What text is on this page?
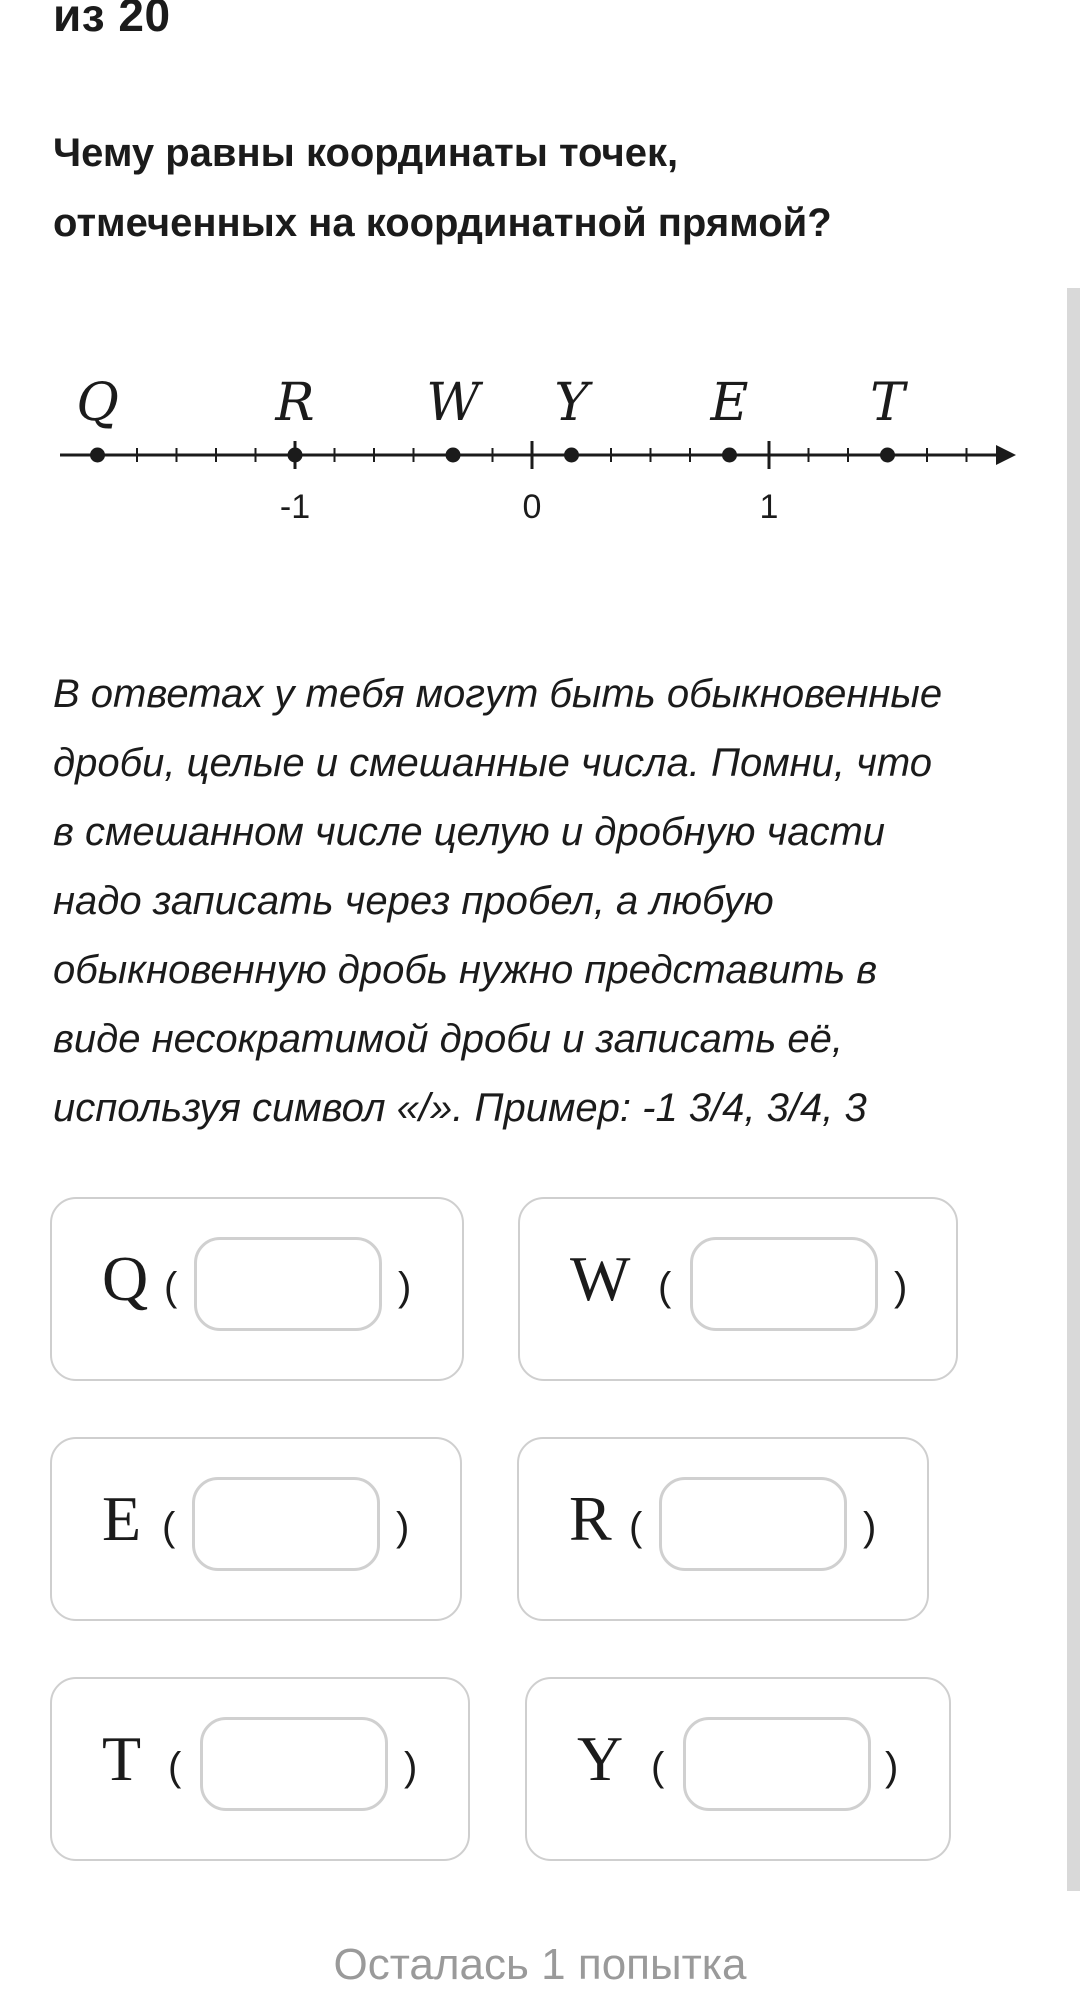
из 20
Чему равны координаты точек,
отмеченных на координатной прямой?
-1	0	1
Q	R W Y E T
В ответах у тебя могут быть обыкновенные
дроби, целые и смешанные числа. Помни, что
в смешанном числе целую и дробную части
надо записать через пробел, а любую
обыкновенную дробь нужно представить в
виде несократимой дроби и записать её,
используя символ «/». Пример: -1 3/4, 3/4, 3
Q (	) W (	)
E (	) R (	)
T (	) Y (	)
Осталась 1 попытка
